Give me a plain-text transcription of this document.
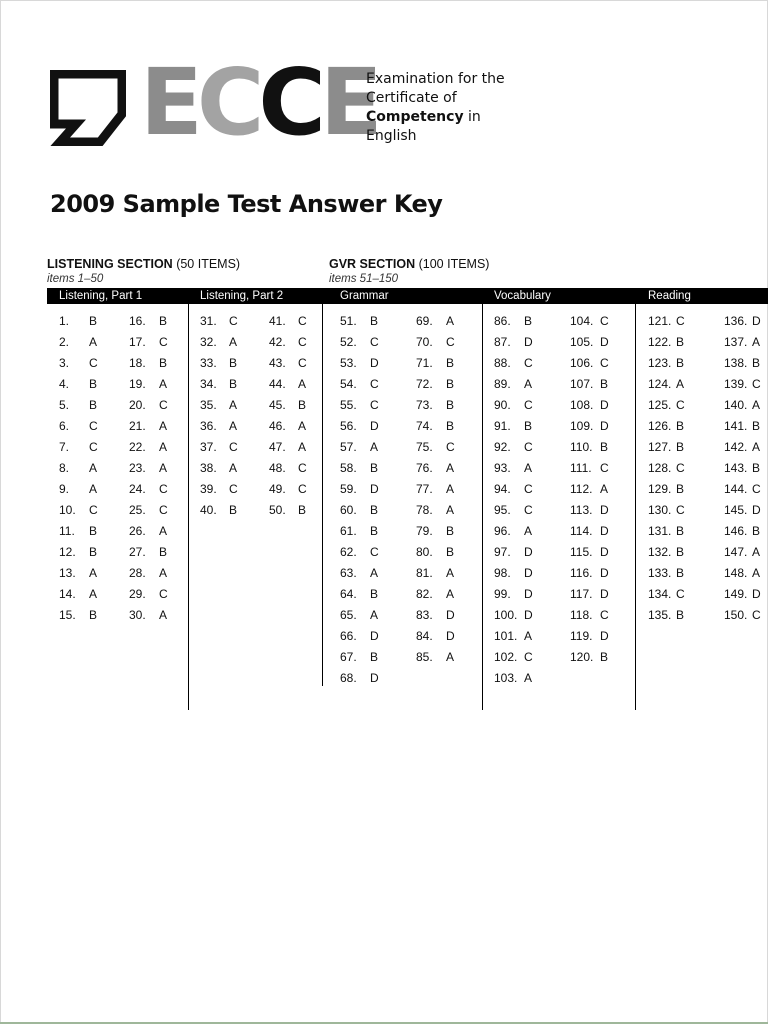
ECCE
Examination for the
Certificate of
Competency in
English
2009 Sample Test Answer Key
LISTENING SECTION (50 ITEMS)
items 1–50
GVR SECTION (100 ITEMS)
items 51–150
Listening, Part 1	Listening, Part 2	Grammar	Vocabulary	Reading
1. B
2. A
3. C
4. B
5. B
6. C
7. C
8. A
9. A
10. C
11. B
12. B
13. A
14. A
15. B
16. B
17. C
18. B
19. A
20. C
21. A
22. A
23. A
24. C
25. C
26. A
27. B
28. A
29. C
30. A
31. C
32. A
33. B
34. B
35. A
36. A
37. C
38. A
39. C
40. B
41. C
42. C
43. C
44. A
45. B
46. A
47. A
48. C
49. C
50. B
51. B
52. C
53. D
54. C
55. C
56. D
57. A
58. B
59. D
60. B
61. B
62. C
63. A
64. B
65. A
66. D
67. B
68. D
69. A
70. C
71. B
72. B
73. B
74. B
75. C
76. A
77. A
78. A
79. B
80. B
81. A
82. A
83. D
84. D
85. A
86. B
87. D
88. C
89. A
90. C
91. B
92. C
93. A
94. C
95. C
96. A
97. D
98. D
99. D
100. D
101. A
102. C
103. A
104. C
105. D
106. C
107. B
108. D
109. D
110. B
111. C
112. A
113. D
114. D
115. D
116. D
117. D
118. C
119. D
120. B
121. C
122. B
123. B
124. A
125. C
126. B
127. B
128. C
129. B
130. C
131. B
132. B
133. B
134. C
135. B
136. D
137. A
138. B
139. C
140. A
141. B
142. A
143. B
144. C
145. D
146. B
147. A
148. A
149. D
150. C
